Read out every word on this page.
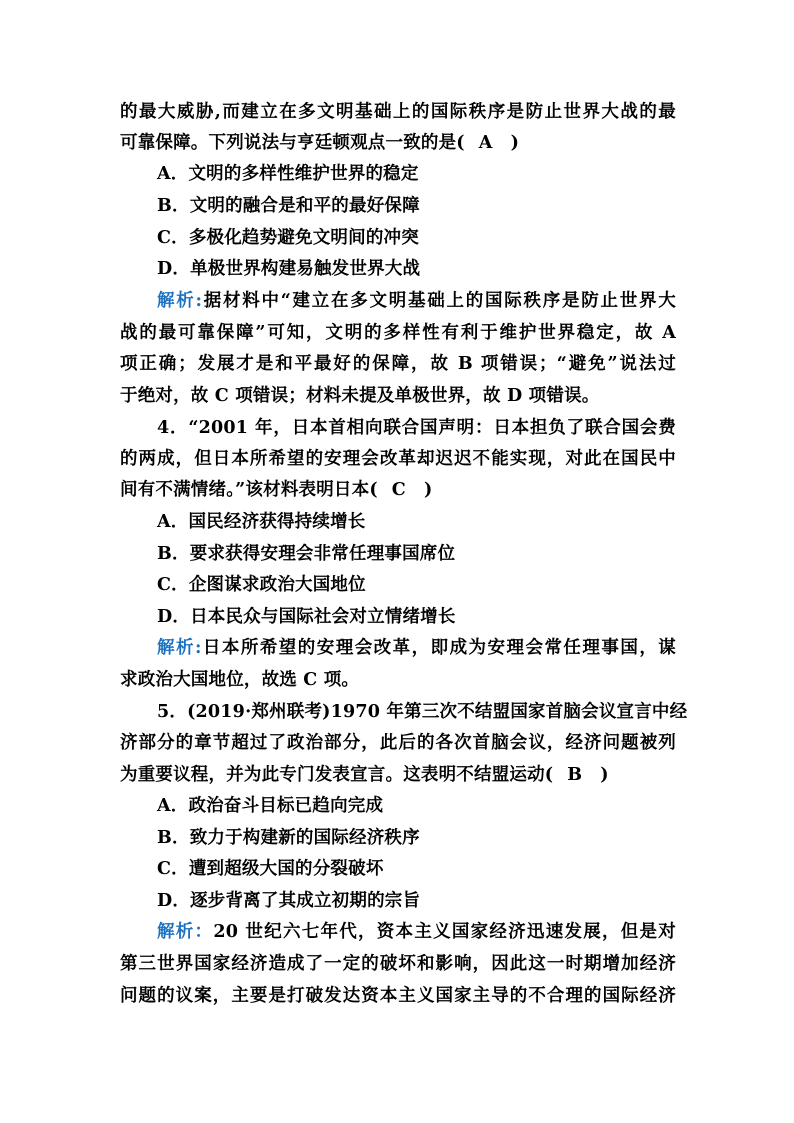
的最大威胁,而建立在多文明基础上的国际秩序是防止世界大战的最
可靠保障。下列说法与亨廷顿观点一致的是( A )
A．文明的多样性维护世界的稳定
B．文明的融合是和平的最好保障
C．多极化趋势避免文明间的冲突
D．单极世界构建易触发世界大战
解析:据材料中“建立在多文明基础上的国际秩序是防止世界大
战的最可靠保障”可知，文明的多样性有利于维护世界稳定，故 A
项正确；发展才是和平最好的保障，故 B 项错误；“避免”说法过
于绝对，故 C 项错误；材料未提及单极世界，故 D 项错误。
4．“2001 年，日本首相向联合国声明：日本担负了联合国会费
的两成，但日本所希望的安理会改革却迟迟不能实现，对此在国民中
间有不满情绪。”该材料表明日本( C )
A．国民经济获得持续增长
B．要求获得安理会非常任理事国席位
C．企图谋求政治大国地位
D．日本民众与国际社会对立情绪增长
解析:日本所希望的安理会改革，即成为安理会常任理事国，谋
求政治大国地位，故选 C 项。
5．(2019·郑州联考)1970 年第三次不结盟国家首脑会议宣言中经
济部分的章节超过了政治部分，此后的各次首脑会议，经济问题被列
为重要议程，并为此专门发表宣言。这表明不结盟运动( B )
A．政治奋斗目标已趋向完成
B．致力于构建新的国际经济秩序
C．遭到超级大国的分裂破坏
D．逐步背离了其成立初期的宗旨
解析：20 世纪六七年代，资本主义国家经济迅速发展，但是对
第三世界国家经济造成了一定的破坏和影响，因此这一时期增加经济
问题的议案，主要是打破发达资本主义国家主导的不合理的国际经济
